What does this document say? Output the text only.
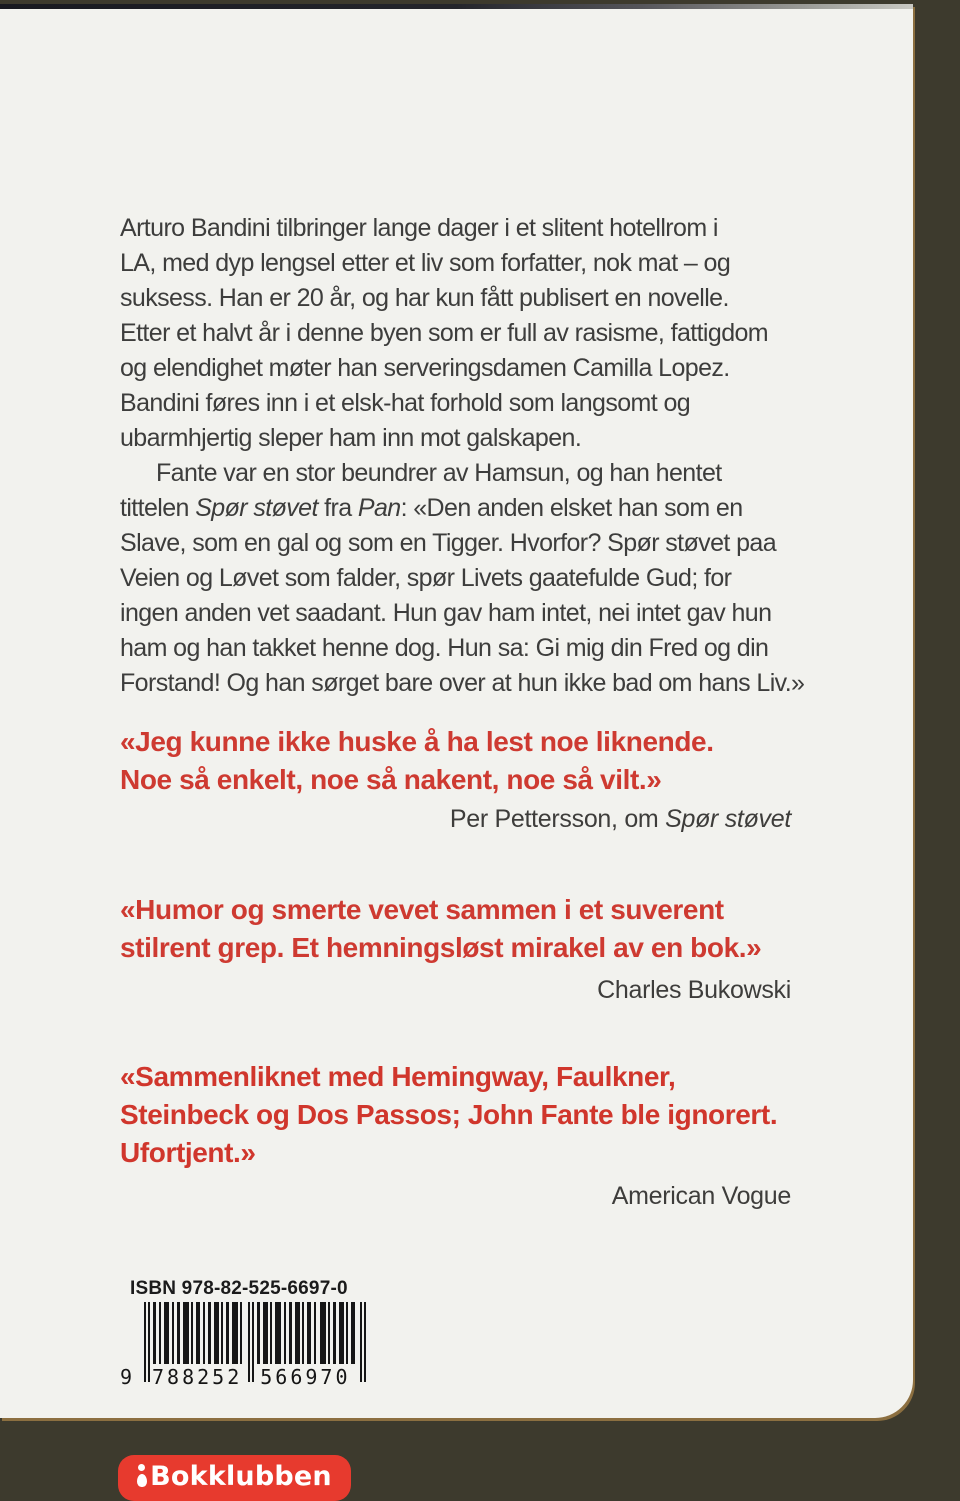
Arturo Bandini tilbringer lange dager i et slitent hotellrom i
LA, med dyp lengsel etter et liv som forfatter, nok mat – og
suksess. Han er 20 år, og har kun fått publisert en novelle.
Etter et halvt år i denne byen som er full av rasisme, fattigdom
og elendighet møter han serveringsdamen Camilla Lopez.
Bandini føres inn i et elsk-hat forhold som langsomt og
ubarmhjertig sleper ham inn mot galskapen.
Fante var en stor beundrer av Hamsun, og han hentet
tittelen Spør støvet fra Pan: «Den anden elsket han som en
Slave, som en gal og som en Tigger. Hvorfor? Spør støvet paa
Veien og Løvet som falder, spør Livets gaatefulde Gud; for
ingen anden vet saadant. Hun gav ham intet, nei intet gav hun
ham og han takket henne dog. Hun sa: Gi mig din Fred og din
Forstand! Og han sørget bare over at hun ikke bad om hans Liv.»
«Jeg kunne ikke huske å ha lest noe liknende.
Noe så enkelt, noe så nakent, noe så vilt.»
Per Pettersson, om Spør støvet
«Humor og smerte vevet sammen i et suverent
stilrent grep. Et hemningsløst mirakel av en bok.»
Charles Bukowski
«Sammenliknet med Hemingway, Faulkner,
Steinbeck og Dos Passos; John Fante ble ignorert.
Ufortjent.»
American Vogue
ISBN 978-82-525-6697-0
9 788252 566970
Bokklubben
